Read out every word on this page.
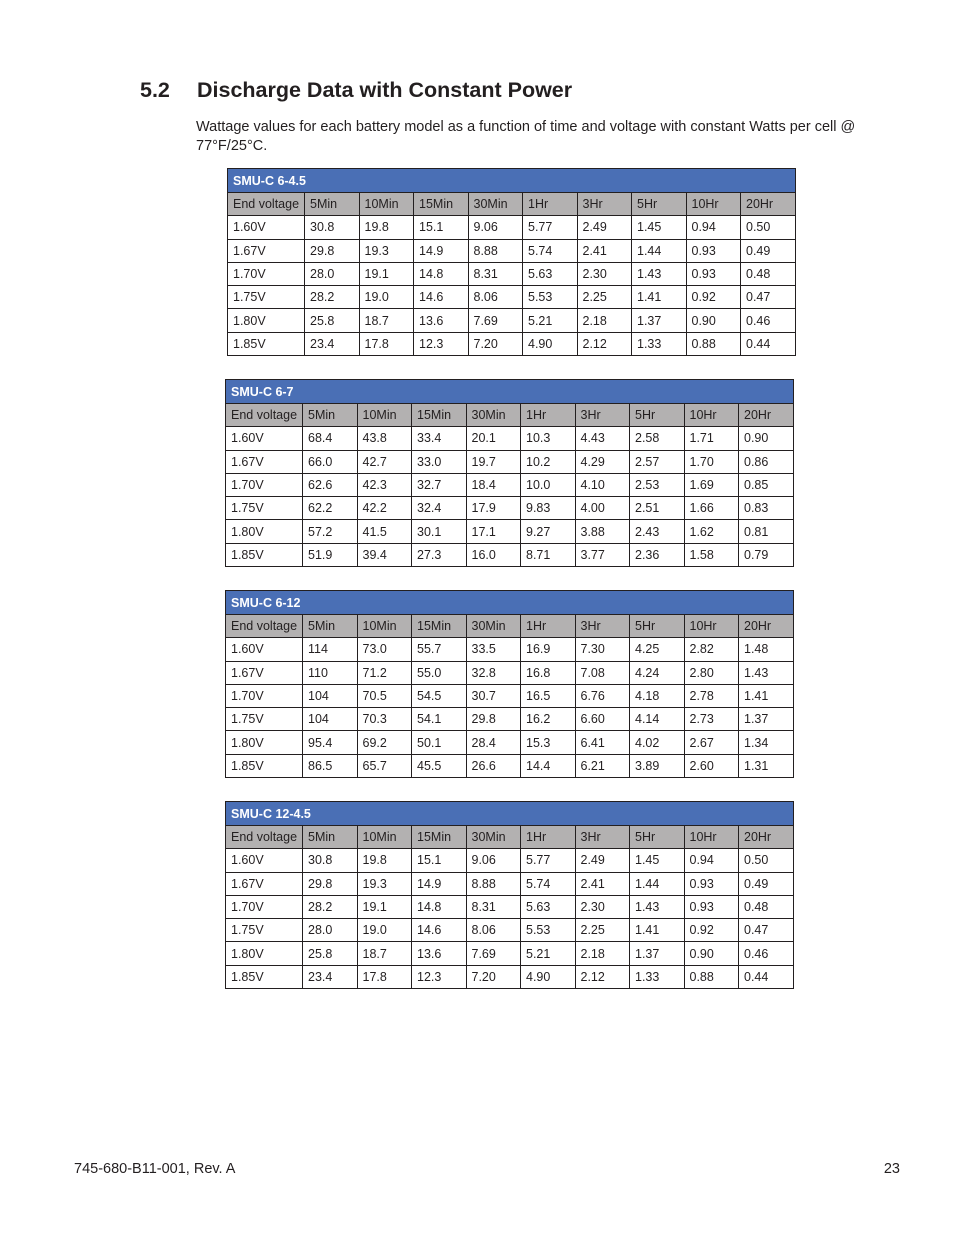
5.2 Discharge Data with Constant Power

Wattage values for each battery model as a function of time and voltage with constant Watts per cell @ 77°F/25°C.

SMU-C 6-4.5									
End voltage	5Min	10Min	15Min	30Min	1Hr	3Hr	5Hr	10Hr	20Hr
1.60V	30.8	19.8	15.1	9.06	5.77	2.49	1.45	0.94	0.50
1.67V	29.8	19.3	14.9	8.88	5.74	2.41	1.44	0.93	0.49
1.70V	28.0	19.1	14.8	8.31	5.63	2.30	1.43	0.93	0.48
1.75V	28.2	19.0	14.6	8.06	5.53	2.25	1.41	0.92	0.47
1.80V	25.8	18.7	13.6	7.69	5.21	2.18	1.37	0.90	0.46
1.85V	23.4	17.8	12.3	7.20	4.90	2.12	1.33	0.88	0.44
SMU-C 6-7									
End voltage	5Min	10Min	15Min	30Min	1Hr	3Hr	5Hr	10Hr	20Hr
1.60V	68.4	43.8	33.4	20.1	10.3	4.43	2.58	1.71	0.90
1.67V	66.0	42.7	33.0	19.7	10.2	4.29	2.57	1.70	0.86
1.70V	62.6	42.3	32.7	18.4	10.0	4.10	2.53	1.69	0.85
1.75V	62.2	42.2	32.4	17.9	9.83	4.00	2.51	1.66	0.83
1.80V	57.2	41.5	30.1	17.1	9.27	3.88	2.43	1.62	0.81
1.85V	51.9	39.4	27.3	16.0	8.71	3.77	2.36	1.58	0.79
SMU-C 6-12									
End voltage	5Min	10Min	15Min	30Min	1Hr	3Hr	5Hr	10Hr	20Hr
1.60V	114	73.0	55.7	33.5	16.9	7.30	4.25	2.82	1.48
1.67V	110	71.2	55.0	32.8	16.8	7.08	4.24	2.80	1.43
1.70V	104	70.5	54.5	30.7	16.5	6.76	4.18	2.78	1.41
1.75V	104	70.3	54.1	29.8	16.2	6.60	4.14	2.73	1.37
1.80V	95.4	69.2	50.1	28.4	15.3	6.41	4.02	2.67	1.34
1.85V	86.5	65.7	45.5	26.6	14.4	6.21	3.89	2.60	1.31
SMU-C 12-4.5									
End voltage	5Min	10Min	15Min	30Min	1Hr	3Hr	5Hr	10Hr	20Hr
1.60V	30.8	19.8	15.1	9.06	5.77	2.49	1.45	0.94	0.50
1.67V	29.8	19.3	14.9	8.88	5.74	2.41	1.44	0.93	0.49
1.70V	28.2	19.1	14.8	8.31	5.63	2.30	1.43	0.93	0.48
1.75V	28.0	19.0	14.6	8.06	5.53	2.25	1.41	0.92	0.47
1.80V	25.8	18.7	13.6	7.69	5.21	2.18	1.37	0.90	0.46
1.85V	23.4	17.8	12.3	7.20	4.90	2.12	1.33	0.88	0.44
745-680-B11-001, Rev. A	23
